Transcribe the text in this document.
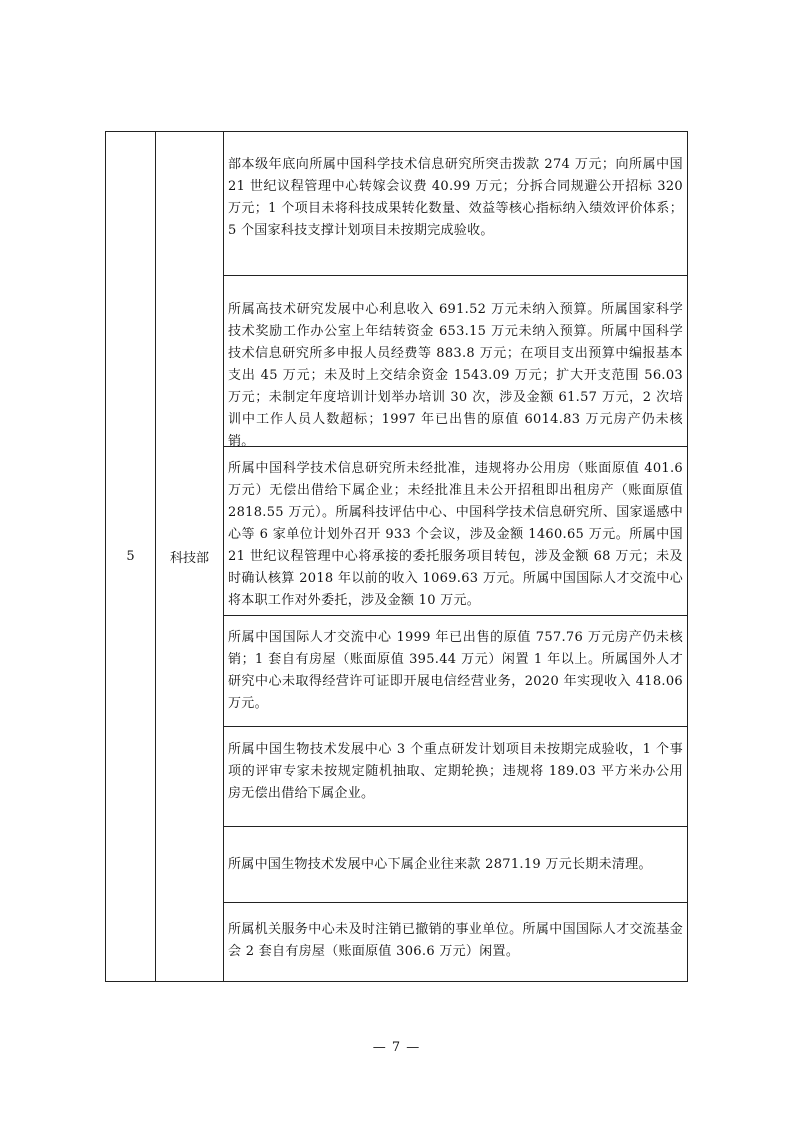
5	科技部
部本级年底向所属中国科学技术信息研究所突击拨款 274 万元；向所属中国 21 世纪议程管理中心转嫁会议费 40.99 万元；分拆合同规避公开招标 320 万元；1 个项目未将科技成果转化数量、效益等核心指标纳入绩效评价体系；5 个国家科技支撑计划项目未按期完成验收。
所属高技术研究发展中心利息收入 691.52 万元未纳入预算。所属国家科学技术奖励工作办公室上年结转资金 653.15 万元未纳入预算。所属中国科学技术信息研究所多申报人员经费等 883.8 万元；在项目支出预算中编报基本支出 45 万元；未及时上交结余资金 1543.09 万元；扩大开支范围 56.03 万元；未制定年度培训计划举办培训 30 次，涉及金额 61.57 万元，2 次培训中工作人员人数超标；1997 年已出售的原值 6014.83 万元房产仍未核销。
所属中国科学技术信息研究所未经批准，违规将办公用房（账面原值 401.6 万元）无偿出借给下属企业；未经批准且未公开招租即出租房产（账面原值 2818.55 万元）。所属科技评估中心、中国科学技术信息研究所、国家遥感中心等 6 家单位计划外召开 933 个会议，涉及金额 1460.65 万元。所属中国 21 世纪议程管理中心将承接的委托服务项目转包，涉及金额 68 万元；未及时确认核算 2018 年以前的收入 1069.63 万元。所属中国国际人才交流中心将本职工作对外委托，涉及金额 10 万元。
所属中国国际人才交流中心 1999 年已出售的原值 757.76 万元房产仍未核销；1 套自有房屋（账面原值 395.44 万元）闲置 1 年以上。所属国外人才研究中心未取得经营许可证即开展电信经营业务，2020 年实现收入 418.06 万元。
所属中国生物技术发展中心 3 个重点研发计划项目未按期完成验收，1 个事项的评审专家未按规定随机抽取、定期轮换；违规将 189.03 平方米办公用房无偿出借给下属企业。
所属中国生物技术发展中心下属企业往来款 2871.19 万元长期未清理。
所属机关服务中心未及时注销已撤销的事业单位。所属中国国际人才交流基金会 2 套自有房屋（账面原值 306.6 万元）闲置。
— 7 —
